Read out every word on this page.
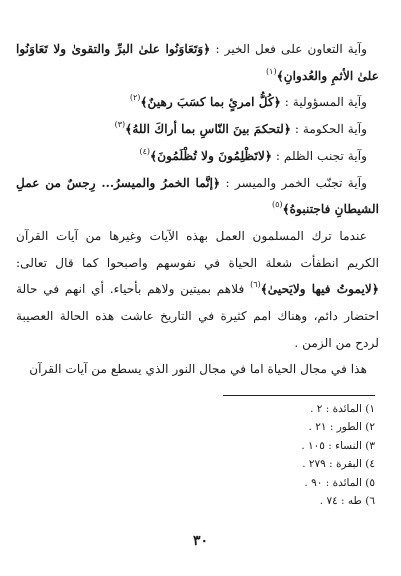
وآية التعاون على فعل الخير : ﴿وَتَعَاوَنُوا علىٰ البرِّ والتقوىٰ ولا تَعَاوَنُوا علىٰ الأثمِ والعُدوانِ﴾$^{(١)}$

وآية المسؤولية : ﴿كُلُّ امرئٍ بما كسَبَ رهينٌ﴾$^{(٢)}$

وآية الحكومة : ﴿لتحكمَ بينَ النّاسِ بما أراكَ اللهُ﴾$^{(٣)}$

وآية تجنب الظلم : ﴿لاتَظْلِمُونَ ولا تُظْلَمُونَ﴾$^{(٤)}$

وآية تجنّب الخمر والميسر : ﴿إنَّما الخمرُ والميسرُ... رِجسٌ من عملِ الشيطانِ فاجتنبوهُ﴾$^{(٥)}$

عندما ترك المسلمون العمل بهذه الآيات وغيرها من آيات القرآن الكريم انطفأت شعلة الحياة في نفوسهم واصبحوا كما قال تعالى: ﴿لايموتُ فيها ولايَحيىٰ﴾$^{(٦)}$ فلاهم بميتين ولاهم بأحياء. أي انهم في حالة احتضار دائم، وهناك امم كثيرة في التاريخ عاشت هذه الحالة العصيبة لردح من الزمن .

هذا في مجال الحياة اما في مجال النور الذي يسطع من آيات القرآن

١) المائدة : ٢ .
٢) الطور : ٢١ .
٣) النساء : ١٠٥ .
٤) البقرة : ٢٧٩ .
٥) المائدة : ٩٠ .
٦) طه : ٧٤ .
٣٠
